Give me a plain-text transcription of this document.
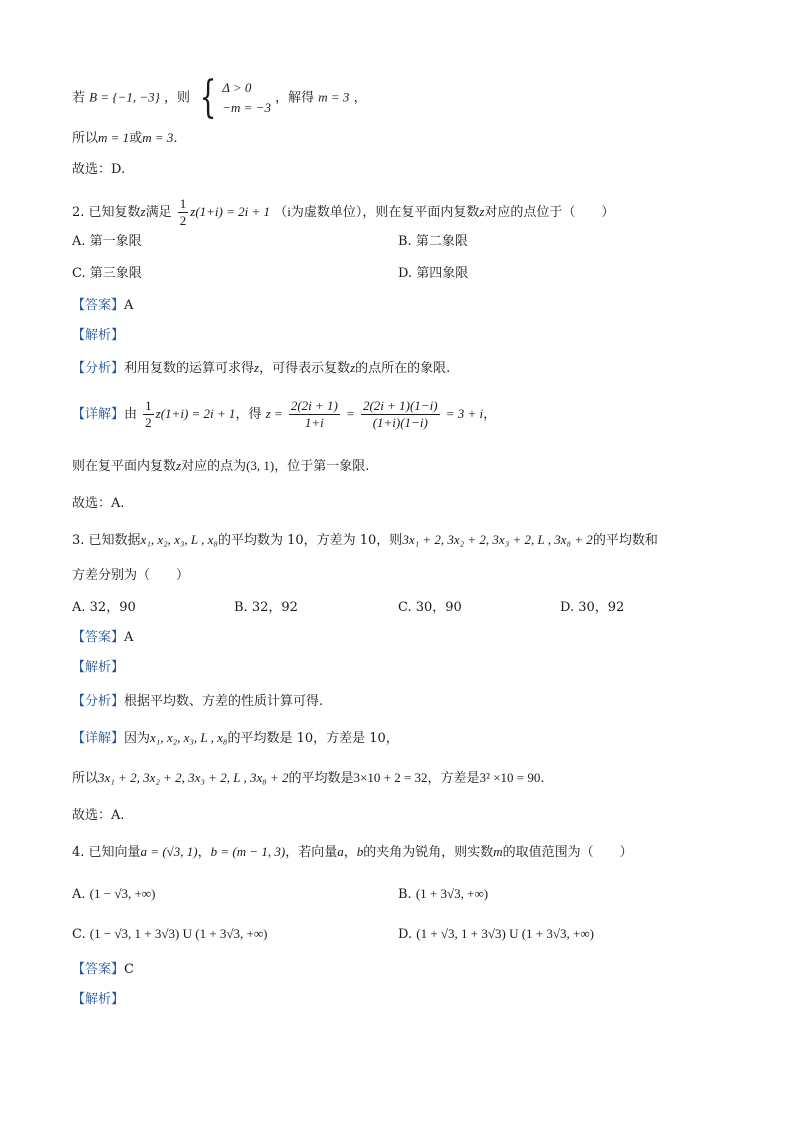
若 B = {−1, −3} ，则 { Δ > 0
−m = −3
，解得 m = 3 ，
所以m = 1或m = 3.
故选：D.
2. 已知复数z满足 $\frac{1}{2} z(1+i) = 2i + 1$ （i为虚数单位），则在复平面内复数z对应的点位于（　　）
A. 第一象限	B. 第二象限
C. 第三象限	D. 第四象限
【答案】A
【解析】
【分析】利用复数的运算可求得z，可得表示复数z的点所在的象限.
【详解】由 $\frac{1}{2} z(1+i) = 2i + 1$，得 $z = \frac{2(2i + 1)}{1+i} = \frac{2(2i + 1)(1-i)}{(1+i)(1-i)} = 3 + i$，
则在复平面内复数z对应的点为(3, 1)，位于第一象限.
故选：A.
3. 已知数据x₁, x₂, x₃, L , x₈的平均数为 10，方差为 10，则3x₁ + 2, 3x₂ + 2, 3x₃ + 2, L , 3x₈ + 2的平均数和
方差分别为（　　）
A. 32，90	B. 32，92	C. 30，90	D. 30，92
【答案】A
【解析】
【分析】根据平均数、方差的性质计算可得.
【详解】因为x₁, x₂, x₃, L , x₈的平均数是 10，方差是 10，
所以3x₁ + 2, 3x₂ + 2, 3x₃ + 2, L , 3x₈ + 2的平均数是3×10 + 2 = 32，方差是3² ×10 = 90.
故选：A.
4. 已知向量a = (√3, 1)，b = (m − 1, 3)，若向量a，b的夹角为锐角，则实数m的取值范围为（　　）
A. (1 − √3, +∞)	B. (1 + 3√3, +∞)
C. (1 − √3, 1 + 3√3) U (1 + 3√3, +∞)	D. (1 + √3, 1 + 3√3) U (1 + 3√3, +∞)
【答案】C
【解析】
